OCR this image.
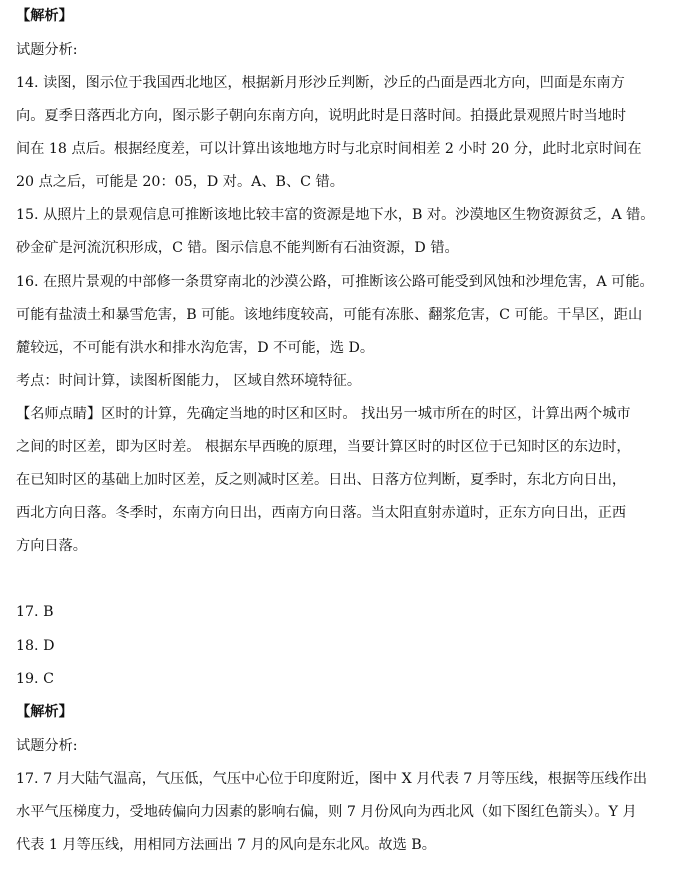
【解析】
试题分析:
14. 读图，图示位于我国西北地区，根据新月形沙丘判断，沙丘的凸面是西北方向，凹面是东南方
向。夏季日落西北方向，图示影子朝向东南方向，说明此时是日落时间。拍摄此景观照片时当地时
间在 18 点后。根据经度差，可以计算出该地地方时与北京时间相差 2 小时 20 分，此时北京时间在
20 点之后，可能是 20：05，D 对。A、B、C 错。
15. 从照片上的景观信息可推断该地比较丰富的资源是地下水，B 对。沙漠地区生物资源贫乏，A 错。
砂金矿是河流沉积形成，C 错。图示信息不能判断有石油资源，D 错。
16. 在照片景观的中部修一条贯穿南北的沙漠公路，可推断该公路可能受到风蚀和沙埋危害，A 可能。
可能有盐渍土和暴雪危害，B 可能。该地纬度较高，可能有冻胀、翻浆危害，C 可能。干旱区，距山
麓较远，不可能有洪水和排水沟危害，D 不可能，选 D。
考点：时间计算，读图析图能力， 区域自然环境特征。
【名师点睛】区时的计算，先确定当地的时区和区时。 找出另一城市所在的时区，计算出两个城市
之间的时区差，即为区时差。 根据东早西晚的原理，当要计算区时的时区位于已知时区的东边时，
在已知时区的基础上加时区差，反之则减时区差。日出、日落方位判断，夏季时，东北方向日出，
西北方向日落。冬季时，东南方向日出，西南方向日落。当太阳直射赤道时，正东方向日出，正西
方向日落。
17. B
18. D
19. C
【解析】
试题分析:
17. 7 月大陆气温高，气压低，气压中心位于印度附近，图中 X 月代表 7 月等压线，根据等压线作出
水平气压梯度力，受地砖偏向力因素的影响右偏，则 7 月份风向为西北风（如下图红色箭头）。Y 月
代表 1 月等压线，用相同方法画出 7 月的风向是东北风。故选 B。
